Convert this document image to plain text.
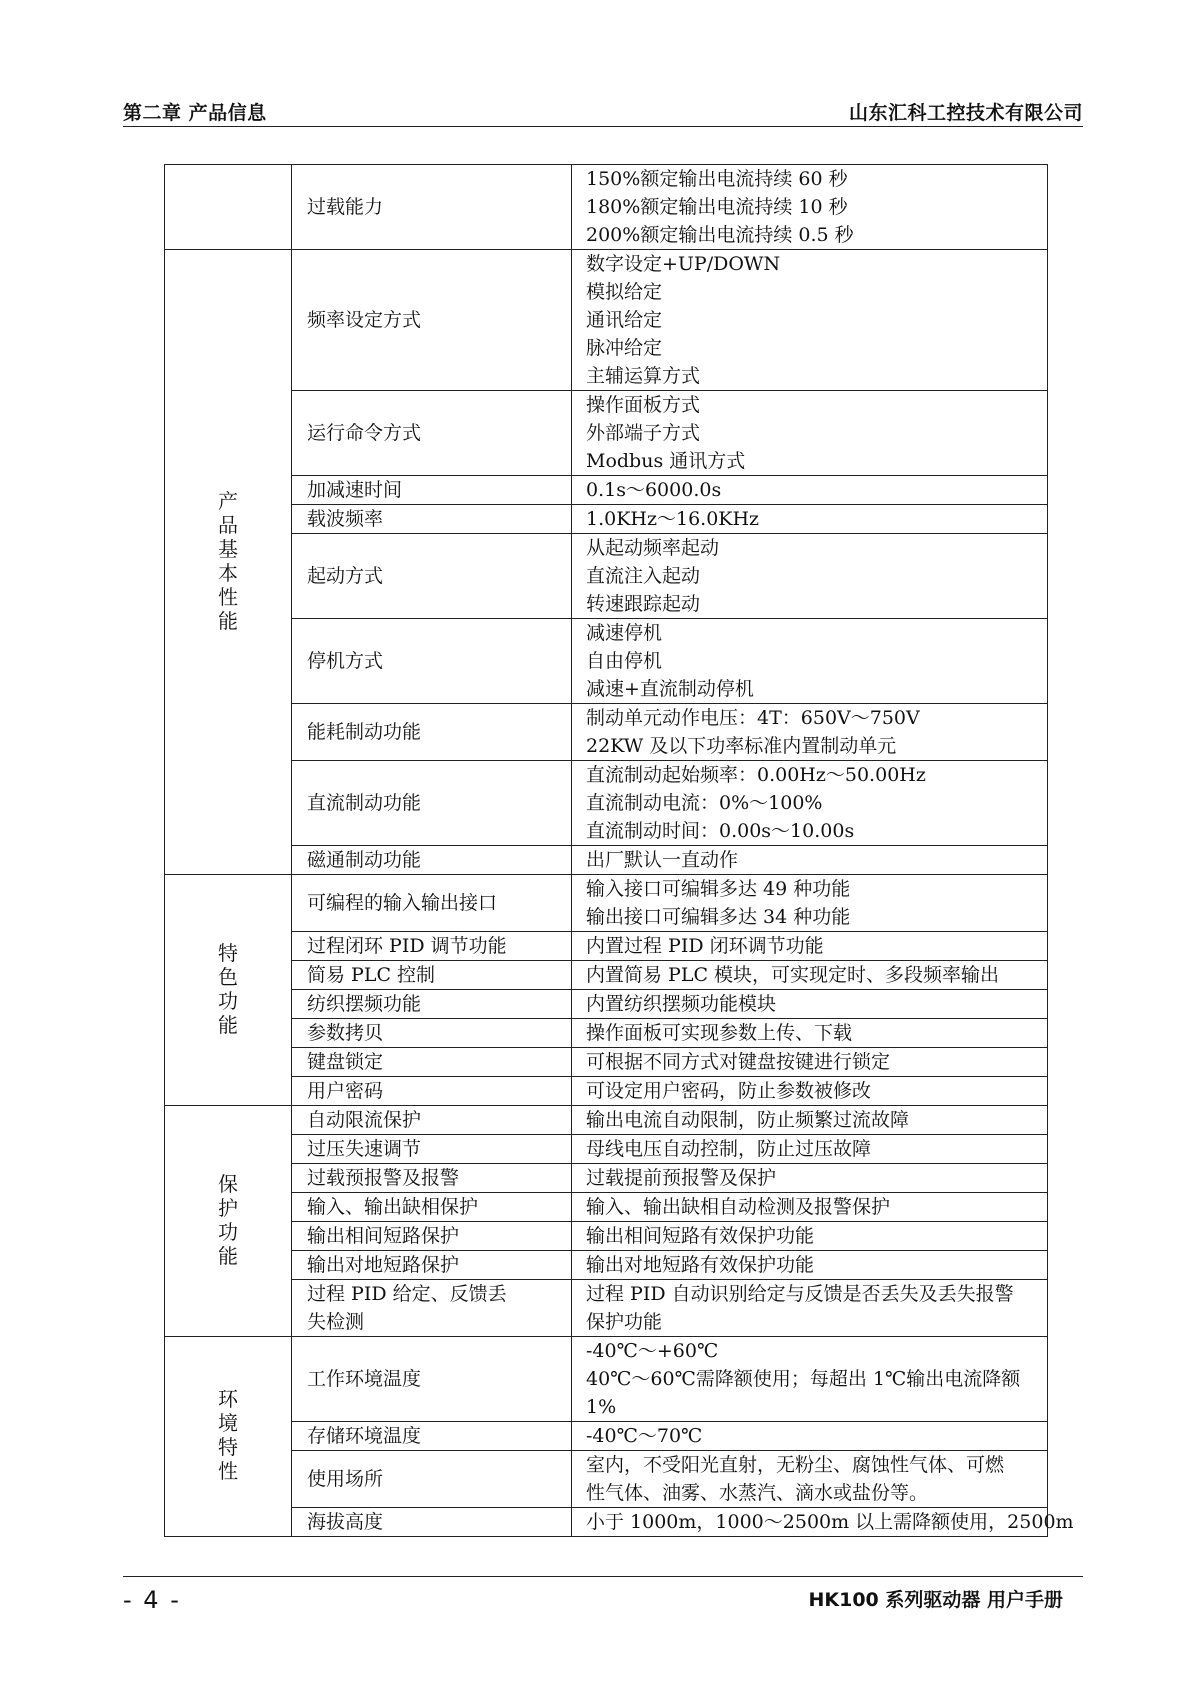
第二章 产品信息	山东汇科工控技术有限公司

	过载能力	150%额定输出电流持续 60 秒
180%额定输出电流持续 10 秒
200%额定输出电流持续 0.5 秒

产品基本性能	频率设定方式	数字设定+UP/DOWN
模拟给定
通讯给定
脉冲给定
主辅运算方式

	运行命令方式	操作面板方式
外部端子方式
Modbus 通讯方式

	加减速时间	0.1s～6000.0s

	载波频率	1.0KHz～16.0KHz

	起动方式	从起动频率起动
直流注入起动
转速跟踪起动

	停机方式	减速停机
自由停机
减速+直流制动停机

	能耗制动功能	制动单元动作电压：4T：650V～750V
22KW 及以下功率标准内置制动单元

	直流制动功能	直流制动起始频率：0.00Hz～50.00Hz
直流制动电流：0%～100%
直流制动时间：0.00s～10.00s

	磁通制动功能	出厂默认一直动作

特色功能	可编程的输入输出接口	输入接口可编辑多达 49 种功能
输出接口可编辑多达 34 种功能

	过程闭环 PID 调节功能	内置过程 PID 闭环调节功能

	简易 PLC 控制	内置简易 PLC 模块，可实现定时、多段频率输出

	纺织摆频功能	内置纺织摆频功能模块

	参数拷贝	操作面板可实现参数上传、下载

	键盘锁定	可根据不同方式对键盘按键进行锁定

	用户密码	可设定用户密码，防止参数被修改

保护功能	自动限流保护	输出电流自动限制，防止频繁过流故障

	过压失速调节	母线电压自动控制，防止过压故障

	过载预报警及报警	过载提前预报警及保护

	输入、输出缺相保护	输入、输出缺相自动检测及报警保护

	输出相间短路保护	输出相间短路有效保护功能

	输出对地短路保护	输出对地短路有效保护功能

	过程 PID 给定、反馈丢
失检测	过程 PID 自动识别给定与反馈是否丢失及丢失报警
保护功能

环境特性	工作环境温度	-40℃～+60℃
40℃～60℃需降额使用；每超出 1℃输出电流降额
1%

	存储环境温度	-40℃～70℃

	使用场所	室内，不受阳光直射，无粉尘、腐蚀性气体、可燃
性气体、油雾、水蒸汽、滴水或盐份等。

	海拔高度	小于 1000m，1000～2500m 以上需降额使用，2500m
- 4 -	HK100 系列驱动器 用户手册
